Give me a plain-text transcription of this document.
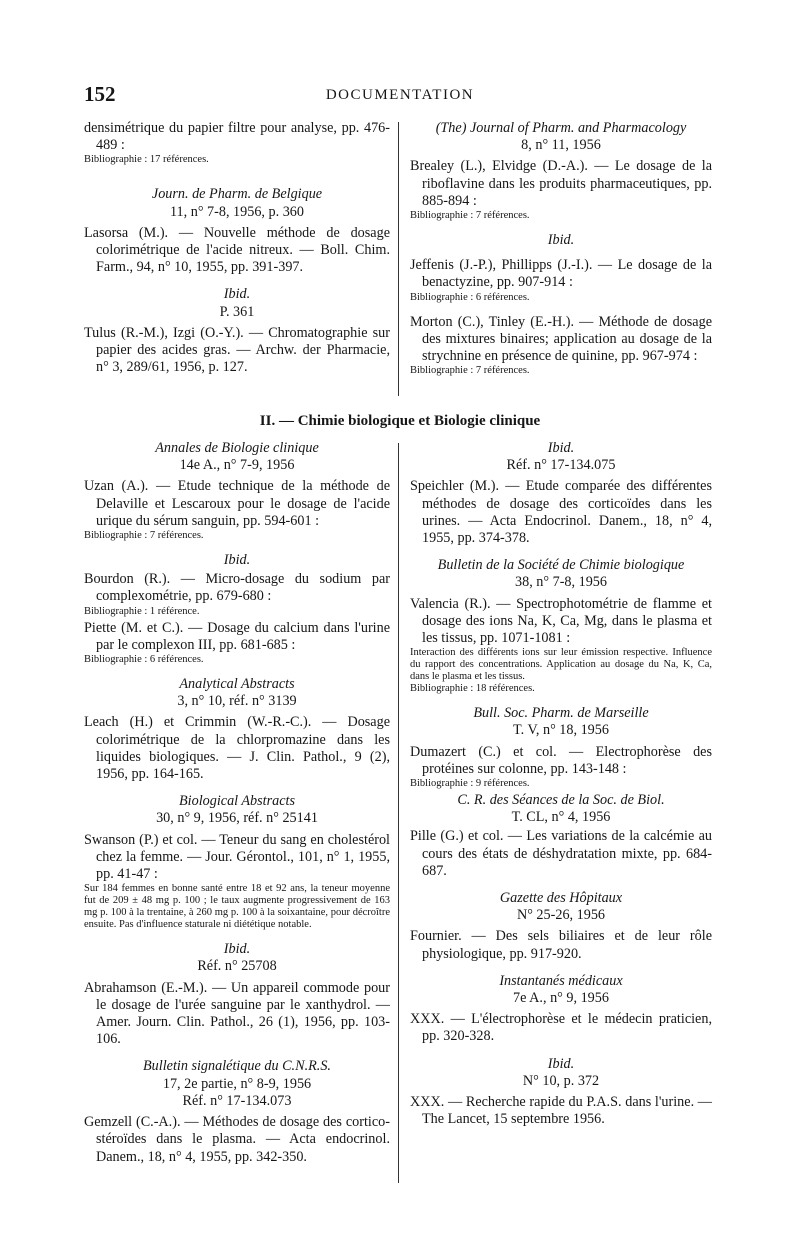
152	DOCUMENTATION

densimétrique du papier filtre pour analyse, pp. 476-489 :

Bibliographie : 17 références.

Journ. de Pharm. de Belgique

11, n° 7-8, 1956, p. 360

Lasorsa (M.). — Nouvelle méthode de dosage colorimétrique de l'acide nitreux. — Boll. Chim. Farm., 94, n° 10, 1955, pp. 391-397.

Ibid.

P. 361

Tulus (R.-M.), Izgi (O.-Y.). — Chromatographie sur papier des acides gras. — Archw. der Pharmacie, n° 3, 289/61, 1956, p. 127.

(The) Journal of Pharm. and Pharmacology

8, n° 11, 1956

Brealey (L.), Elvidge (D.-A.). — Le dosage de la riboflavine dans les produits pharmaceutiques, pp. 885-894 :

Bibliographie : 7 références.

Ibid.

Jeffenis (J.-P.), Phillipps (J.-I.). — Le dosage de la benactyzine, pp. 907-914 :

Bibliographie : 6 références.

Morton (C.), Tinley (E.-H.). — Méthode de dosage des mixtures binaires; application au dosage de la strychnine en présence de quinine, pp. 967-974 :

Bibliographie : 7 références.

II. — Chimie biologique et Biologie clinique

Annales de Biologie clinique

14e A., n° 7-9, 1956

Uzan (A.). — Etude technique de la méthode de Delaville et Lescaroux pour le dosage de l'acide urique du sérum sanguin, pp. 594-601 :

Bibliographie : 7 références.

Ibid.

Bourdon (R.). — Micro-dosage du sodium par complexométrie, pp. 679-680 :

Bibliographie : 1 référence.

Piette (M. et C.). — Dosage du calcium dans l'urine par le complexon III, pp. 681-685 :

Bibliographie : 6 références.

Analytical Abstracts

3, n° 10, réf. n° 3139

Leach (H.) et Crimmin (W.-R.-C.). — Dosage colorimétrique de la chlorpromazine dans les liquides biologiques. — J. Clin. Pathol., 9 (2), 1956, pp. 164-165.

Biological Abstracts

30, n° 9, 1956, réf. n° 25141

Swanson (P.) et col. — Teneur du sang en cholestérol chez la femme. — Jour. Gérontol., 101, n° 1, 1955, pp. 41-47 :

Sur 184 femmes en bonne santé entre 18 et 92 ans, la teneur moyenne fut de 209 ± 48 mg p. 100 ; le taux augmente progressivement de 163 mg p. 100 à la trentaine, à 260 mg p. 100 à la soixantaine, pour décroître ensuite. Pas d'influence staturale ni diététique notable.

Ibid.

Réf. n° 25708

Abrahamson (E.-M.). — Un appareil commode pour le dosage de l'urée sanguine par le xanthydrol. — Amer. Journ. Clin. Pathol., 26 (1), 1956, pp. 103-106.

Bulletin signalétique du C.N.R.S.

17, 2e partie, n° 8-9, 1956

Réf. n° 17-134.073

Gemzell (C.-A.). — Méthodes de dosage des cortico-stéroïdes dans le plasma. — Acta endocrinol. Danem., 18, n° 4, 1955, pp. 342-350.

Ibid.

Réf. n° 17-134.075

Speichler (M.). — Etude comparée des différentes méthodes de dosage des corticoïdes dans les urines. — Acta Endocrinol. Danem., 18, n° 4, 1955, pp. 374-378.

Bulletin de la Société de Chimie biologique

38, n° 7-8, 1956

Valencia (R.). — Spectrophotométrie de flamme et dosage des ions Na, K, Ca, Mg, dans le plasma et les tissus, pp. 1071-1081 :

Interaction des différents ions sur leur émission respective. Influence du rapport des concentrations. Application au dosage du Na, K, Ca, dans le plasma et les tissus.

Bibliographie : 18 références.

Bull. Soc. Pharm. de Marseille

T. V, n° 18, 1956

Dumazert (C.) et col. — Electrophorèse des protéines sur colonne, pp. 143-148 :

Bibliographie : 9 références.

C. R. des Séances de la Soc. de Biol.

T. CL, n° 4, 1956

Pille (G.) et col. — Les variations de la calcémie au cours des états de déshydratation mixte, pp. 684-687.

Gazette des Hôpitaux

N° 25-26, 1956

Fournier. — Des sels biliaires et de leur rôle physiologique, pp. 917-920.

Instantanés médicaux

7e A., n° 9, 1956

XXX. — L'électrophorèse et le médecin praticien, pp. 320-328.

Ibid.

N° 10, p. 372

XXX. — Recherche rapide du P.A.S. dans l'urine. — The Lancet, 15 septembre 1956.
